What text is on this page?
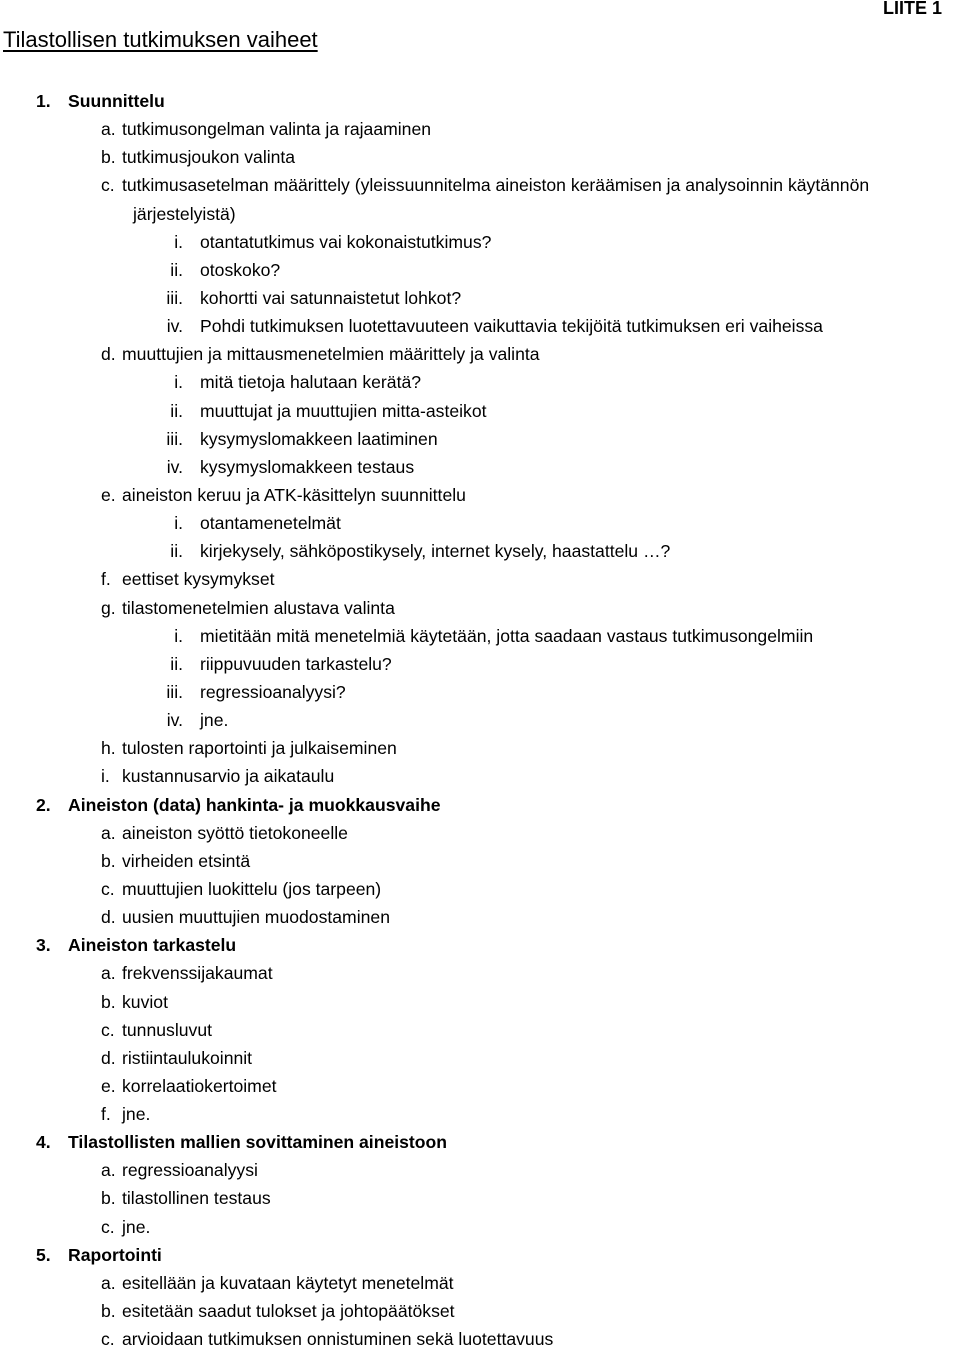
LIITE 1
Tilastollisen tutkimuksen vaiheet
1. Suunnittelu
a. tutkimusongelman valinta ja rajaaminen
b. tutkimusjoukon valinta
c. tutkimusasetelman määrittely (yleissuunnitelma aineiston keräämisen ja analysoinnin käytännön
järjestelyistä)
i. otantatutkimus vai kokonaistutkimus?
ii. otoskoko?
iii. kohortti vai satunnaistetut lohkot?
iv. Pohdi tutkimuksen luotettavuuteen vaikuttavia tekijöitä tutkimuksen eri vaiheissa
d. muuttujien ja mittausmenetelmien määrittely ja valinta
i. mitä tietoja halutaan kerätä?
ii. muuttujat ja muuttujien mitta-asteikot
iii. kysymyslomakkeen laatiminen
iv. kysymyslomakkeen testaus
e. aineiston keruu ja ATK-käsittelyn suunnittelu
i. otantamenetelmät
ii. kirjekysely, sähköpostikysely, internet kysely, haastattelu …?
f. eettiset kysymykset
g. tilastomenetelmien alustava valinta
i. mietitään mitä menetelmiä käytetään, jotta saadaan vastaus tutkimusongelmiin
ii. riippuvuuden tarkastelu?
iii. regressioanalyysi?
iv. jne.
h. tulosten raportointi ja julkaiseminen
i. kustannusarvio ja aikataulu
2. Aineiston (data) hankinta- ja muokkausvaihe
a. aineiston syöttö tietokoneelle
b. virheiden etsintä
c. muuttujien luokittelu (jos tarpeen)
d. uusien muuttujien muodostaminen
3. Aineiston tarkastelu
a. frekvenssijakaumat
b. kuviot
c. tunnusluvut
d. ristiintaulukoinnit
e. korrelaatiokertoimet
f. jne.
4. Tilastollisten mallien sovittaminen aineistoon
a. regressioanalyysi
b. tilastollinen testaus
c. jne.
5. Raportointi
a. esitellään ja kuvataan käytetyt menetelmät
b. esitetään saadut tulokset ja johtopäätökset
c. arvioidaan tutkimuksen onnistuminen sekä luotettavuus
